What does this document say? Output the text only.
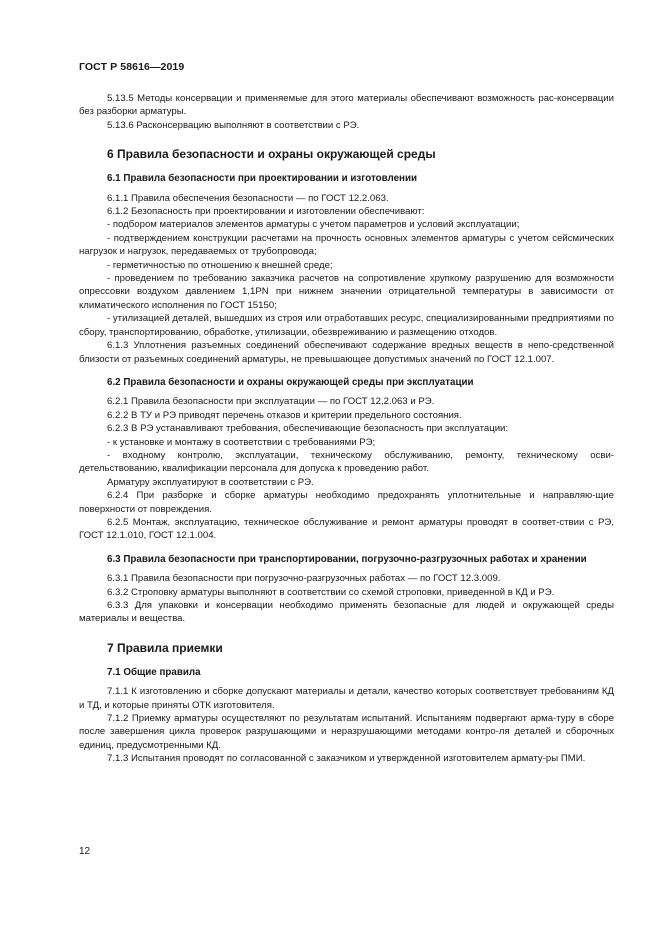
ГОСТ Р 58616—2019
5.13.5 Методы консервации и применяемые для этого материалы обеспечивают возможность рас-консервации без разборки арматуры.
5.13.6 Расконсервацию выполняют в соответствии с РЭ.
6 Правила безопасности и охраны окружающей среды
6.1 Правила безопасности при проектировании и изготовлении
6.1.1 Правила обеспечения безопасности — по ГОСТ 12.2.063.
6.1.2 Безопасность при проектировании и изготовлении обеспечивают:
- подбором материалов элементов арматуры с учетом параметров и условий эксплуатации;
- подтверждением конструкции расчетами на прочность основных элементов арматуры с учетом сейсмических нагрузок и нагрузок, передаваемых от трубопровода;
- герметичностью по отношению к внешней среде;
- проведением по требованию заказчика расчетов на сопротивление хрупкому разрушению для возможности опрессовки воздухом давлением 1,1PN при нижнем значении отрицательной температуры в зависимости от климатического исполнения по ГОСТ 15150;
- утилизацией деталей, вышедших из строя или отработавших ресурс, специализированными предприятиями по сбору, транспортированию, обработке, утилизации, обезвреживанию и размещению отходов.
6.1.3 Уплотнения разъемных соединений обеспечивают содержание вредных веществ в непо-средственной близости от разъемных соединений арматуры, не превышающее допустимых значений по ГОСТ 12.1.007.
6.2 Правила безопасности и охраны окружающей среды при эксплуатации
6.2.1 Правила безопасности при эксплуатации — по ГОСТ 12,2.063 и РЭ.
6.2.2 В ТУ и РЭ приводят перечень отказов и критерии предельного состояния.
6.2.3 В РЭ устанавливают требования, обеспечивающие безопасность при эксплуатации:
- к установке и монтажу в соответствии с требованиями РЭ;
- входному контролю, эксплуатации, техническому обслуживанию, ремонту, техническому осви-детельствованию, квалификации персонала для допуска к проведению работ.
Арматуру эксплуатируют в соответствии с РЭ.
6.2.4 При разборке и сборке арматуры необходимо предохранять уплотнительные и направляю-щие поверхности от повреждения.
6.2.5 Монтаж, эксплуатацию, техническое обслуживание и ремонт арматуры проводят в соответ-ствии с РЭ, ГОСТ 12.1.010, ГОСТ 12.1.004.
6.3 Правила безопасности при транспортировании, погрузочно-разгрузочных работах и хранении
6.3.1 Правила безопасности при погрузочно-разгрузочных работах — по ГОСТ 12.3.009.
6.3.2 Строповку арматуры выполняют в соответствии со схемой строповки, приведенной в КД и РЭ.
6.3.3 Для упаковки и консервации необходимо применять безопасные для людей и окружающей среды материалы и вещества.
7 Правила приемки
7.1 Общие правила
7.1.1 К изготовлению и сборке допускают материалы и детали, качество которых соответствует требованиям КД и ТД, и которые приняты ОТК изготовителя.
7.1.2 Приемку арматуры осуществляют по результатам испытаний. Испытаниям подвергают арма-туру в сборе после завершения цикла проверок разрушающими и неразрушающими методами контро-ля деталей и сборочных единиц, предусмотренными КД.
7.1.3 Испытания проводят по согласованной с заказчиком и утвержденной изготовителем армату-ры ПМИ.
12
